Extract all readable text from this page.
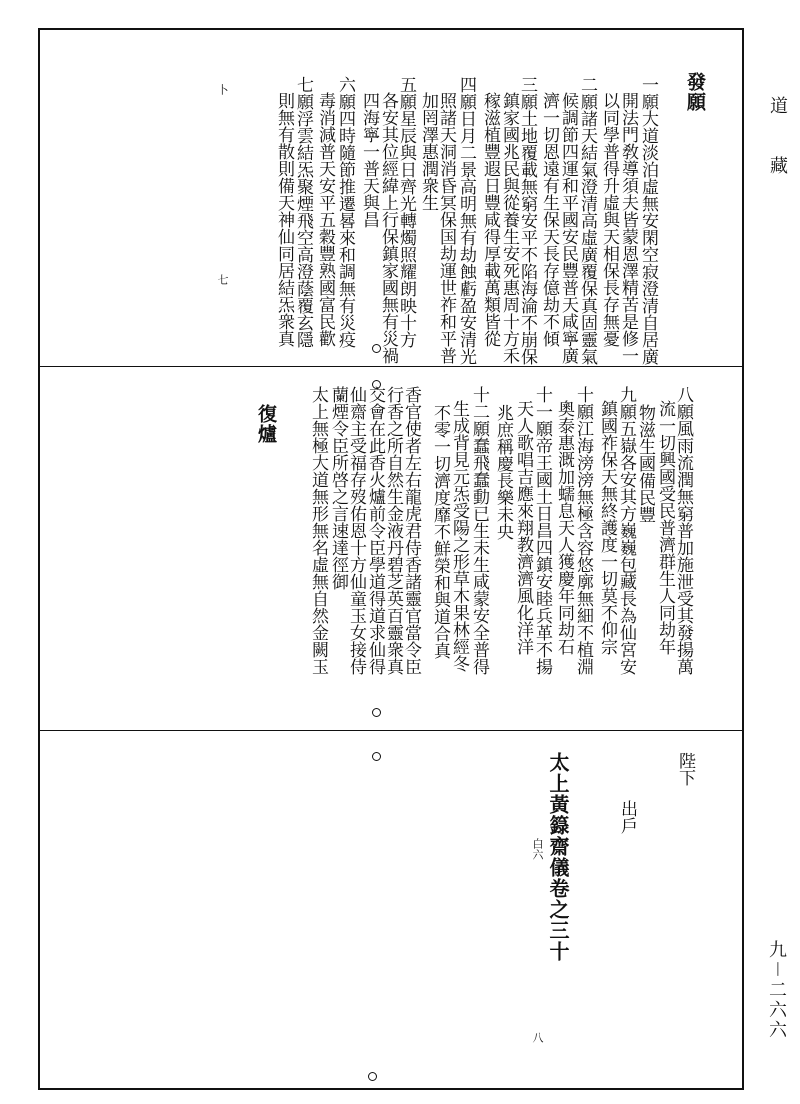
道　藏
九－二六六
發願
一願大道淡泊虛無安閑空寂澄清自居廣
開法門敎導須夫皆蒙恩澤精苦是修一
以同學普得升虛與天相保長存無憂
二願諸天結氣澄清高虛廣覆保真固靈氣
候調節四運和平國安民豐普天咸寧廣
濟一切恩遠有生保天長存億劫不傾
三願土地覆載無窮安平不陷海淪不崩保
鎮家國兆民與從養生安死惠周十方禾
稼滋植豐遐日豐咸得厚載萬類皆從
四願日月二景高明無有劫蝕虧盈安清光
照諸天洞消昏冥保国劫運世祚和平普
加罔澤惠潤衆生
五願星辰與日齊光轉燭照耀朗映十方
各安其位經緯上行保鎮家國無有災禍
四海寧一普天與昌
六願四時隨節推遷晷來和調無有災疫
毒消減普天安平五穀豐熟國富民歡
七願浮雲結炁聚煙飛空高澄蔭覆玄隱
則無有散則備天神仙同居結炁衆真
卜
七
復爐	八願風雨流潤無窮普加施泄受其發揚萬
流一切興國受民普濟群生人同劫年
物滋生國備民豐
九願五嶽各安其方巍巍包藏長為仙宮安
鎮國祚保天無終護度一切莫不仰宗
十願江海滂滂無極含容悠廓無細不植淵
奧泰惠溉加蠕息天人獲慶年同劫石
十一願帝王國土日昌四鎮安睦兵革不揚
天人歌唱吉應來翔教濟濟風化洋洋
兆庶稱慶長樂未央
十二願蠢飛蠢動已生未生咸蒙安全普得
生成背見元炁受陽之形草木果林經冬
不零一切濟度靡不鮮榮和與道合真
香官使者左右龍虎君侍香諸靈官當令臣
行香之所自然生金液丹碧芝英百靈衆真
交會在此香火爐前令臣學道得道求仙得
仙齋主受福存歿佑恩十方仙童玉女接侍
蘭煙令臣所啓之言速達徑御
太上無極大道無形無名虛無自然金闕玉
陛下
出戶
太上黃籙齋儀卷之三十
白六
八
